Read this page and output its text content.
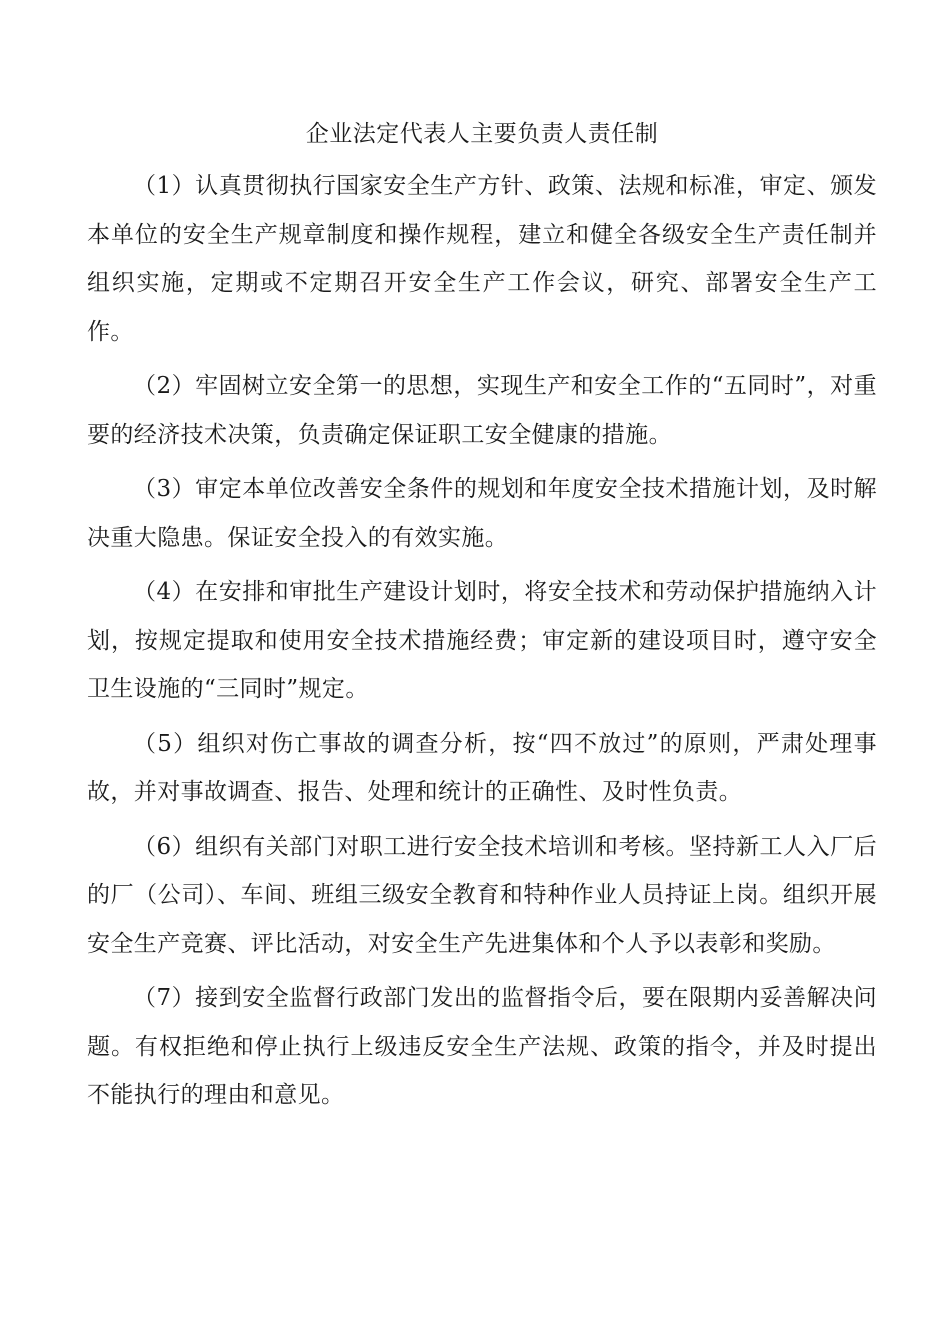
企业法定代表人主要负责人责任制

（1）认真贯彻执行国家安全生产方针、政策、法规和标准，审定、颁发本单位的安全生产规章制度和操作规程，建立和健全各级安全生产责任制并组织实施，定期或不定期召开安全生产工作会议，研究、部署安全生产工作。

（2）牢固树立安全第一的思想，实现生产和安全工作的“五同时”，对重要的经济技术决策，负责确定保证职工安全健康的措施。

（3）审定本单位改善安全条件的规划和年度安全技术措施计划，及时解决重大隐患。保证安全投入的有效实施。

（4）在安排和审批生产建设计划时，将安全技术和劳动保护措施纳入计划，按规定提取和使用安全技术措施经费；审定新的建设项目时，遵守安全卫生设施的“三同时”规定。

（5）组织对伤亡事故的调查分析，按“四不放过”的原则，严肃处理事故，并对事故调查、报告、处理和统计的正确性、及时性负责。

（6）组织有关部门对职工进行安全技术培训和考核。坚持新工人入厂后的厂（公司）、车间、班组三级安全教育和特种作业人员持证上岗。组织开展安全生产竞赛、评比活动，对安全生产先进集体和个人予以表彰和奖励。

（7）接到安全监督行政部门发出的监督指令后，要在限期内妥善解决问题。有权拒绝和停止执行上级违反安全生产法规、政策的指令，并及时提出不能执行的理由和意见。
